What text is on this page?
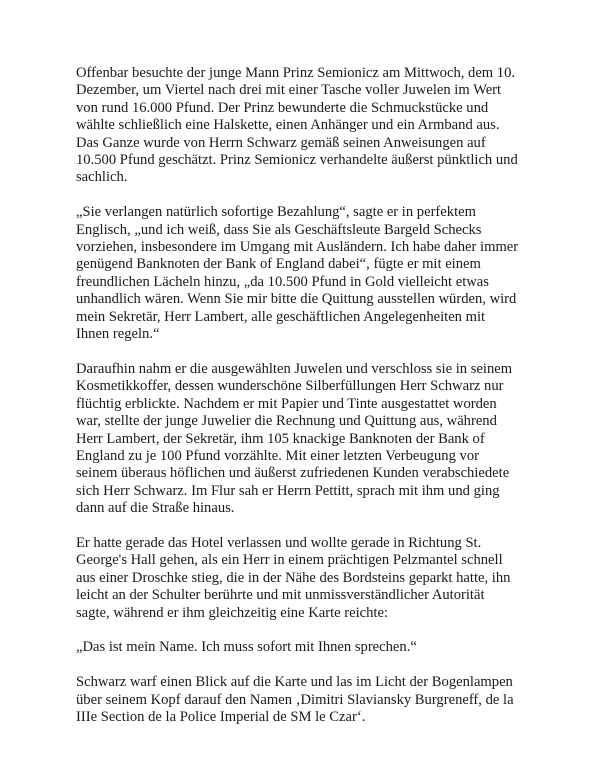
Offenbar besuchte der junge Mann Prinz Semionicz am Mittwoch, dem 10.
Dezember, um Viertel nach drei mit einer Tasche voller Juwelen im Wert
von rund 16.000 Pfund. Der Prinz bewunderte die Schmuckstücke und
wählte schließlich eine Halskette, einen Anhänger und ein Armband aus.
Das Ganze wurde von Herrn Schwarz gemäß seinen Anweisungen auf
10.500 Pfund geschätzt. Prinz Semionicz verhandelte äußerst pünktlich und
sachlich.

„Sie verlangen natürlich sofortige Bezahlung“, sagte er in perfektem
Englisch, „und ich weiß, dass Sie als Geschäftsleute Bargeld Schecks
vorziehen, insbesondere im Umgang mit Ausländern. Ich habe daher immer
genügend Banknoten der Bank of England dabei“, fügte er mit einem
freundlichen Lächeln hinzu, „da 10.500 Pfund in Gold vielleicht etwas
unhandlich wären. Wenn Sie mir bitte die Quittung ausstellen würden, wird
mein Sekretär, Herr Lambert, alle geschäftlichen Angelegenheiten mit
Ihnen regeln.“

Daraufhin nahm er die ausgewählten Juwelen und verschloss sie in seinem
Kosmetikkoffer, dessen wunderschöne Silberfüllungen Herr Schwarz nur
flüchtig erblickte. Nachdem er mit Papier und Tinte ausgestattet worden
war, stellte der junge Juwelier die Rechnung und Quittung aus, während
Herr Lambert, der Sekretär, ihm 105 knackige Banknoten der Bank of
England zu je 100 Pfund vorzählte. Mit einer letzten Verbeugung vor
seinem überaus höflichen und äußerst zufriedenen Kunden verabschiedete
sich Herr Schwarz. Im Flur sah er Herrn Pettitt, sprach mit ihm und ging
dann auf die Straße hinaus.

Er hatte gerade das Hotel verlassen und wollte gerade in Richtung St.
George's Hall gehen, als ein Herr in einem prächtigen Pelzmantel schnell
aus einer Droschke stieg, die in der Nähe des Bordsteins geparkt hatte, ihn
leicht an der Schulter berührte und mit unmissverständlicher Autorität
sagte, während er ihm gleichzeitig eine Karte reichte:

„Das ist mein Name. Ich muss sofort mit Ihnen sprechen.“

Schwarz warf einen Blick auf die Karte und las im Licht der Bogenlampen
über seinem Kopf darauf den Namen ‚Dimitri Slaviansky Burgreneff, de la
IIIe Section de la Police Imperial de SM le Czar‘.
